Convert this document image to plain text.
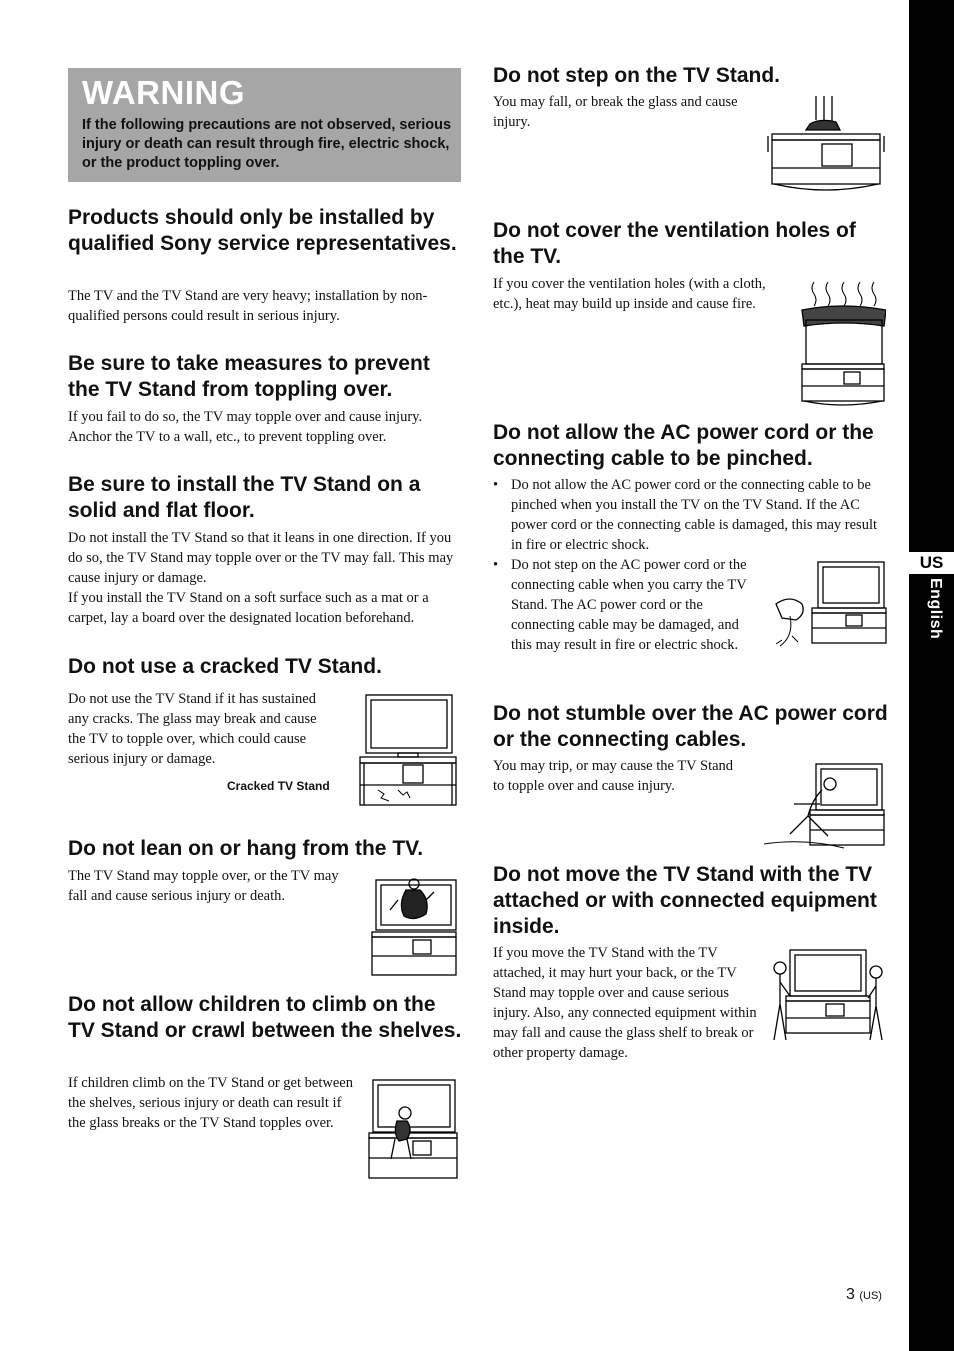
US
English
WARNING
If the following precautions are not observed, serious injury or death can result through fire, electric shock, or the product toppling over.
Products should only be installed by qualified Sony service representatives.

The TV and the TV Stand are very heavy; installation by non-qualified persons could result in serious injury.

Be sure to take measures to prevent the TV Stand from toppling over.

If you fail to do so, the TV may topple over and cause injury. Anchor the TV to a wall, etc., to prevent toppling over.

Be sure to install the TV Stand on a solid and flat floor.

Do not install the TV Stand so that it leans in one direction. If you do so, the TV Stand may topple over or the TV may fall. This may cause injury or damage.

If you install the TV Stand on a soft surface such as a mat or a carpet, lay a board over the designated location beforehand.

Do not use a cracked TV Stand.

Do not use the TV Stand if it has sustained any cracks. The glass may break and cause the TV to topple over, which could cause serious injury or damage.

Cracked TV Stand
Do not lean on or hang from the TV.

The TV Stand may topple over, or the TV may fall and cause serious injury or death.

Do not allow children to climb on the TV Stand or crawl between the shelves.

If children climb on the TV Stand or get between the shelves, serious injury or death can result if the glass breaks or the TV Stand topples over.

Do not step on the TV Stand.

You may fall, or break the glass and cause injury.

Do not cover the ventilation holes of the TV.

If you cover the ventilation holes (with a cloth, etc.), heat may build up inside and cause fire.

Do not allow the AC power cord or the connecting cable to be pinched.
• Do not allow the AC power cord or the connecting cable to be pinched when you install the TV on the TV Stand. If the AC power cord or the connecting cable is damaged, this may result in fire or electric shock.
• Do not step on the AC power cord or the connecting cable when you carry the TV Stand. The AC power cord or the connecting cable may be damaged, and this may result in fire or electric shock.
Do not stumble over the AC power cord or the connecting cables.

You may trip, or may cause the TV Stand to topple over and cause injury.

Do not move the TV Stand with the TV attached or with connected equipment inside.

If you move the TV Stand with the TV attached, it may hurt your back, or the TV Stand may topple over and cause serious injury. Also, any connected equipment within may fall and cause the glass shelf to break or other property damage.

3 (US)
